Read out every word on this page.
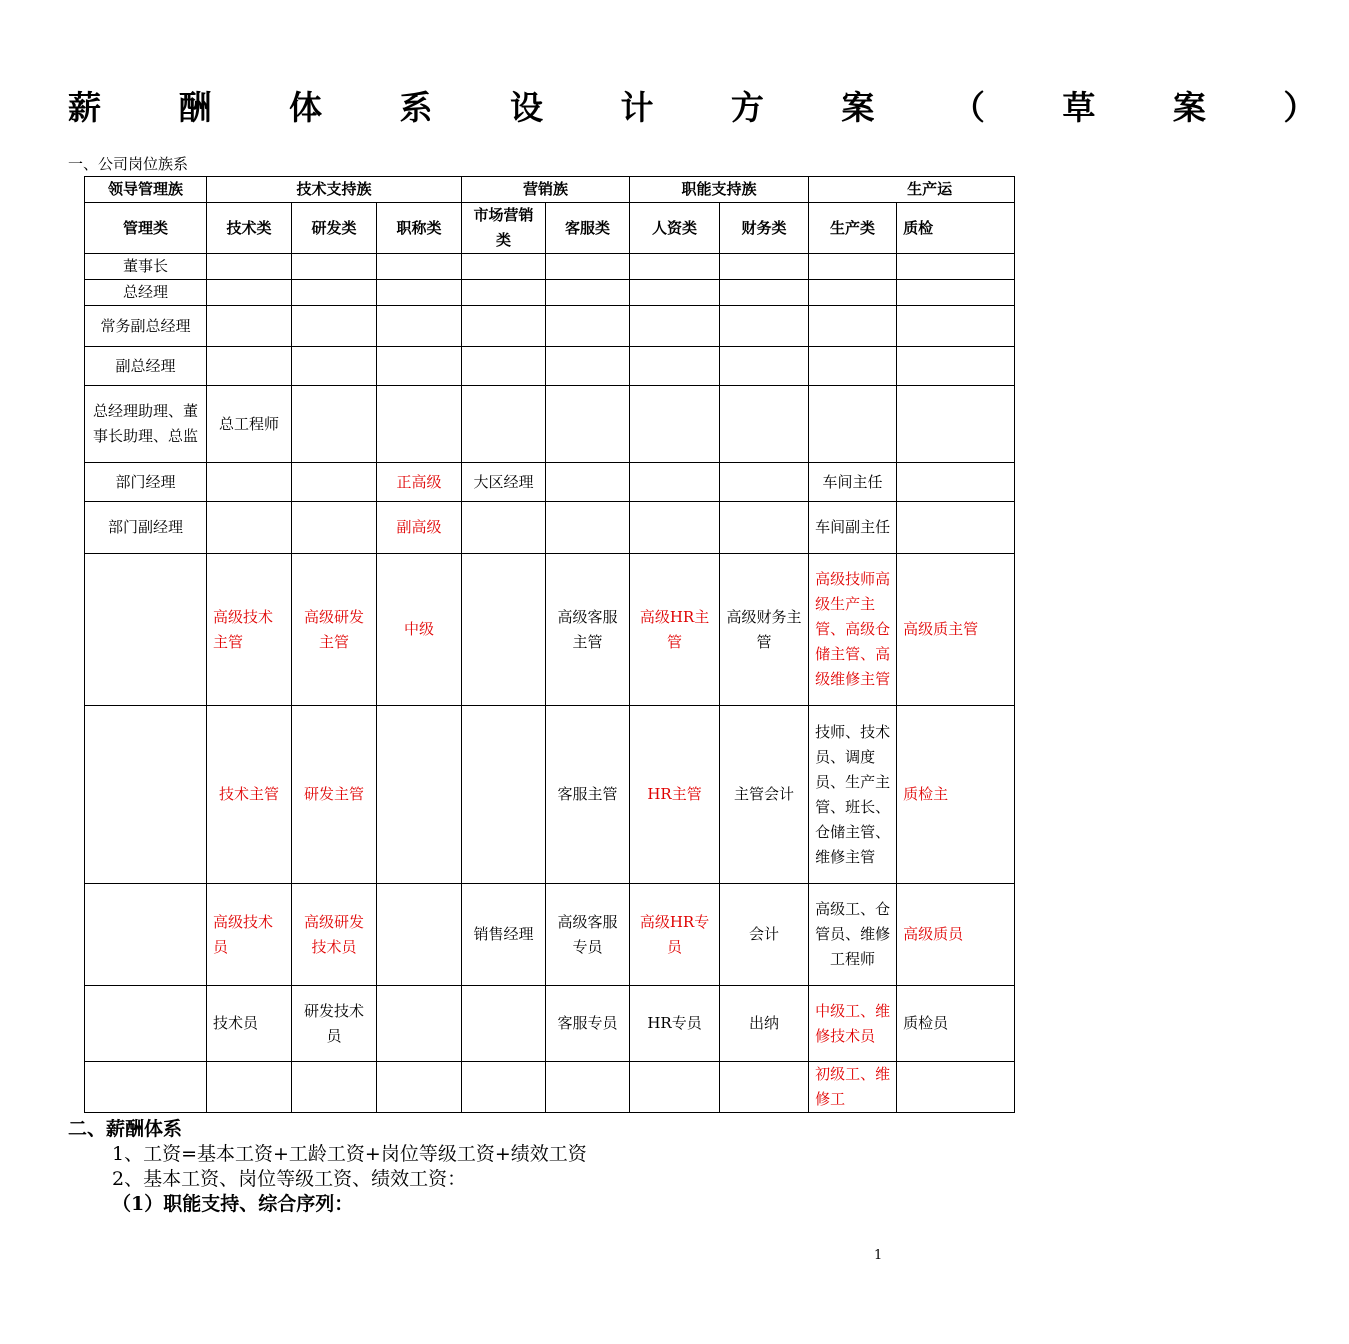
薪 酬 体 系 设 计 方 案 （ 草 案 ）
一、公司岗位族系
领导管理族	技术支持族			营销族		职能支持族		生产运	
管理类	技术类	研发类	职称类	市场营销类	客服类	人资类	财务类	生产类	质检
董事长									
总经理									
常务副总经理									
副总经理									
总经理助理、董事长助理、总监	总工程师								
部门经理			正高级	大区经理				车间主任	
部门副经理			副高级					车间副主任	
	高级技术主管	高级研发主管	中级		高级客服主管	高级HR主管	高级财务主管	高级技师高级生产主管、高级仓储主管、高级维修主管	高级质主管
	技术主管	研发主管			客服主管	HR主管	主管会计	技师、技术员、调度员、生产主管、班长、仓储主管、维修主管	质检主
	高级技术员	高级研发技术员		销售经理	高级客服专员	高级HR专员	会计	高级工、仓管员、维修工程师	高级质员
	技术员	研发技术员			客服专员	HR专员	出纳	中级工、维修技术员	质检员
								初级工、维修工	
二、薪酬体系
1、工资=基本工资+工龄工资+岗位等级工资+绩效工资
2、基本工资、岗位等级工资、绩效工资：
（1）职能支持、综合序列：
1
